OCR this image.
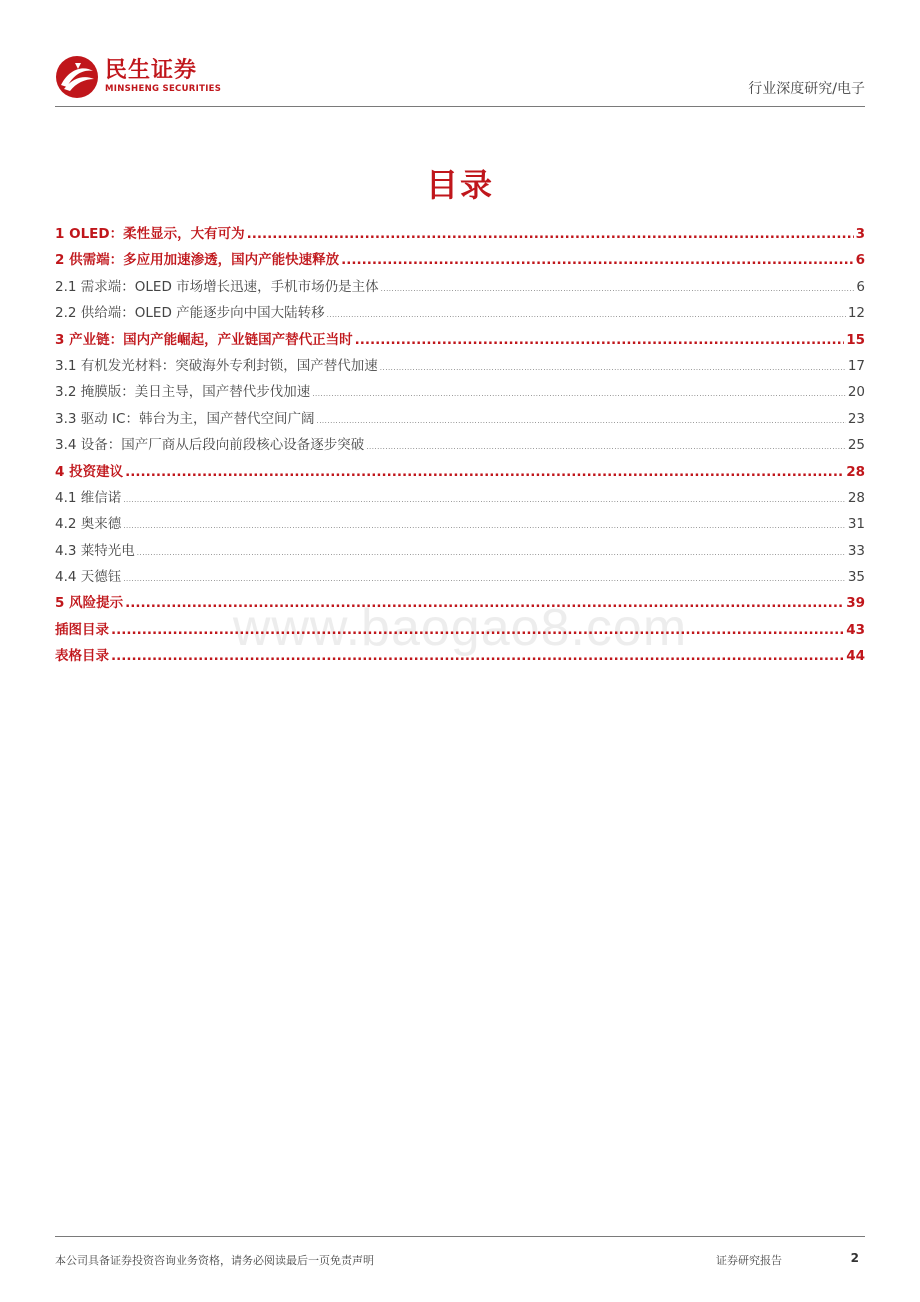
民生证券
MINSHENG SECURITIES	行业深度研究/电子
目录
www.baogao8.com
1 OLED：柔性显示，大有可为 .....	3
2 供需端：多应用加速渗透，国内产能快速释放 .....	6
2.1 需求端：OLED 市场增长迅速，手机市场仍是主体 .....	6
2.2 供给端：OLED 产能逐步向中国大陆转移 .....	12
3 产业链：国内产能崛起，产业链国产替代正当时 .....	15
3.1 有机发光材料：突破海外专利封锁，国产替代加速 .....	17
3.2 掩膜版：美日主导，国产替代步伐加速 .....	20
3.3 驱动 IC：韩台为主，国产替代空间广阔 .....	23
3.4 设备：国产厂商从后段向前段核心设备逐步突破 .....	25
4 投资建议 .....	28
4.1 维信诺 .....	28
4.2 奥来德 .....	31
4.3 莱特光电 .....	33
4.4 天德钰 .....	35
5 风险提示 .....	39
插图目录 .....	43
表格目录 .....	44
本公司具备证券投资咨询业务资格，请务必阅读最后一页免责声明	证券研究报告	2
